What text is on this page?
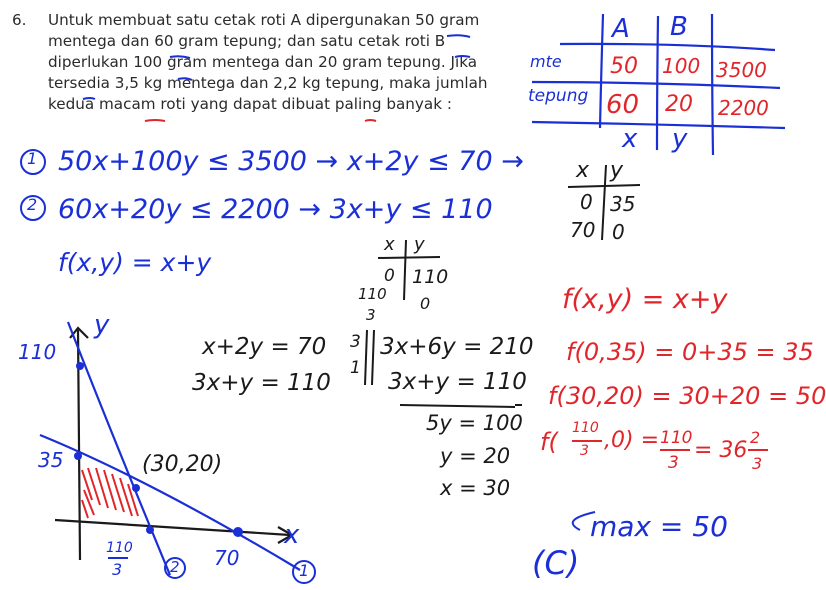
6. Untuk membuat satu cetak roti A dipergunakan 50 gram
mentega dan 60 gram tepung; dan satu cetak roti B
diperlukan 100 gram mentega dan 20 gram tepung. Jika
tersedia 3,5 kg mentega dan 2,2 kg tepung, maka jumlah
kedua macam roti yang dapat dibuat paling banyak :
A B
mte 50 100 3500
tepung 60 20 2200
x y
1 50x+100y ≤ 3500 → x+2y ≤ 70 →
2 60x+20y ≤ 2200 → 3x+y ≤ 110
f(x,y) = x+y
x y
0 35
70 0
x y
0 110
110
3
0
x+2y = 70
3x+y = 110
3
1
3x+6y = 210
3x+y = 110
5y = 100
y = 20
x = 30
y
x
110
35
110
3	70
(30,20)
2	1
f(x,y) = x+y
f(0,35) = 0+35 = 35
f(30,20) = 30+20 = 50
f( 110
3 ,0) = 110
3 = 36
2
3
max = 50
(C)
